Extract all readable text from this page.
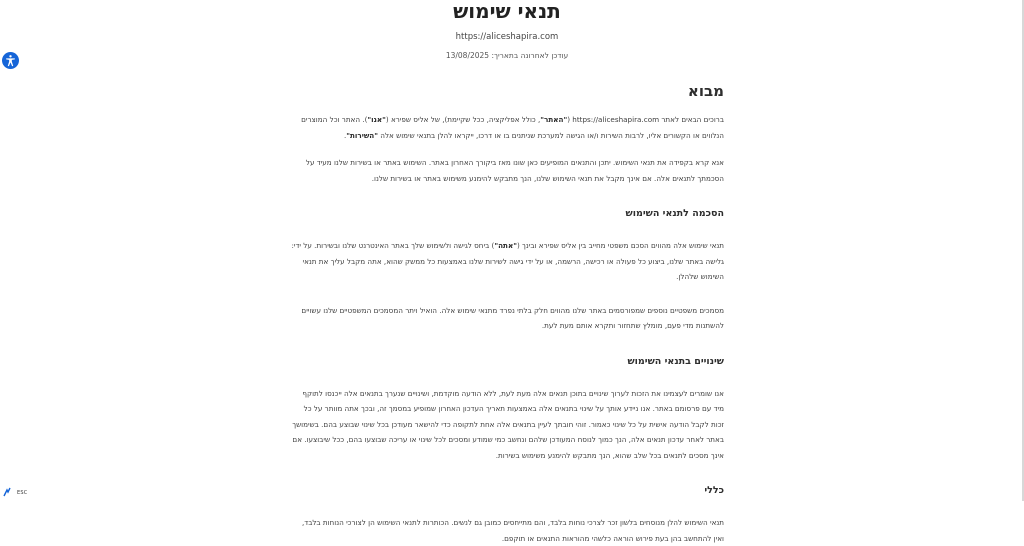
ESC
תנאי שימוש

https://aliceshapira.com

עודכן לאחרונה בתאריך: 13/08/2025

מבוא

ברוכים הבאים לאתר https://aliceshapira.com ("האתר", כולל אפליקציה, ככל שקיימת), של אליס שפירא ("אנו"). האתר וכל המוצרים הנלווים או הקשורים אליו, לרבות השירות ו/או הגישה למערכת שניתנים בו או דרכו, ייקראו להלן בתנאי שימוש אלה "השירות".

אנא קרא בקפידה את תנאי השימוש. יתכן והתנאים המופיעים כאן שונו מאז ביקורך האחרון באתר. השימוש באתר או בשירות שלנו מעיד על הסכמתך לתנאים אלה. אם אינך מקבל את תנאי השימוש שלנו, הנך מתבקש להימנע משימוש באתר או בשירות שלנו.

הסכמה לתנאי השימוש

תנאי שימוש אלה מהווים הסכם משפטי מחייב בין אליס שפירא ובינך ("אתה") ביחס לגישה ולשימוש שלך באתר האינטרנט שלנו ובשירות. על ידי: גלישה באתר שלנו, ביצוע כל פעולה או רכישה, הרשמה, או על ידי גישה לשירות שלנו באמצעות כל ממשק שהוא, אתה מקבל עליך את תנאי השימוש שלהלן.

מסמכים משפטיים נוספים שמפורסמים באתר שלנו מהווים חלק בלתי נפרד מתנאי שימוש אלה. הואיל ויתר המסמכים המשפטיים שלנו עשויים להשתנות מדי פעם, מומלץ שתחזור ותקרא אותם מעת לעת.

שינויים בתנאי השימוש

אנו שומרים לעצמינו את הזכות לערוך שינויים בתוכן תנאים אלה מעת לעת, ללא הודעה מוקדמת, ושינויים שנערך בתנאים אלה ייכנסו לתוקף מיד עם פרסומם באתר. אנו ניידע אותך על שינוי בתנאים אלה באמצעות תאריך העדכון האחרון שמופיע במסמך זה, ובכך אתה מוותר על כל זכות לקבל הודעה אישית על כל שינוי כאמור. זוהי חובתך לעיין בתנאים אלה אחת לתקופה כדי להישאר מעודכן בכל שינוי שבוצע בהם. בשימושך באתר לאחר עדכון תנאים אלה, הנך כמוך לנוסח המעודכן שלהם ונחשב כמי שמודע ומסכים לכל שינוי או עריכה שבוצעו בהם, ככל שיבוצעו. אם אינך מסכים לתנאים בכל שלב שהוא, הנך מתבקש להימנע משימוש בשירות.

כללי

תנאי השימוש להלן מנוסחים בלשון זכר לצרכי נוחות בלבד, והם מתייחסים כמובן גם לנשים. הכותרות לתנאי השימוש הן לצורכי הנוחות בלבד, ואין להתחשב בהן בעת פירוש הוראה כלשהי מהוראות התנאים או תוקפם.
